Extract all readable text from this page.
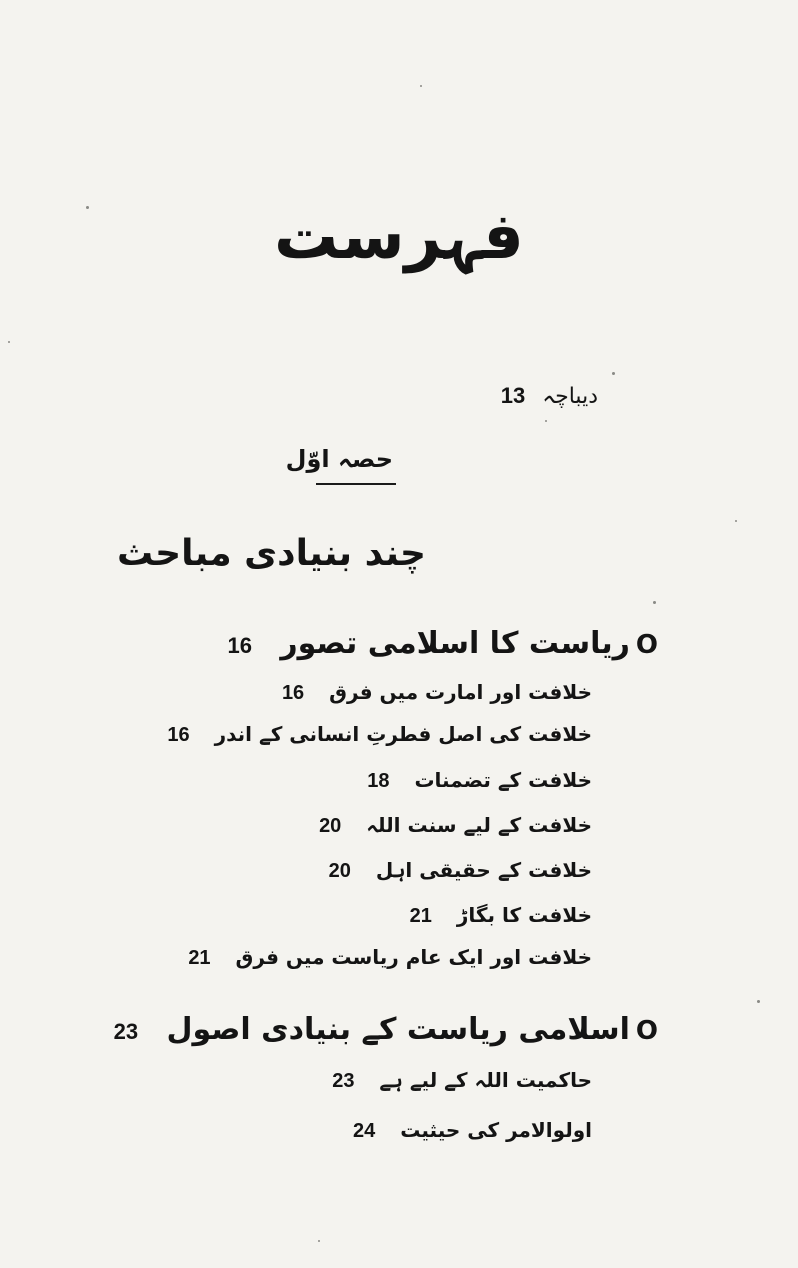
فہرست
دیباچہ 13
حصہ اوّل
چند بنیادی مباحث
Oریاست کا اسلامی تصور 16
خلافت اور امارت میں فرق 16
خلافت کی اصل فطرتِ انسانی کے اندر 16
خلافت کے تضمنات 18
خلافت کے لیے سنت اللہ 20
خلافت کے حقیقی اہل 20
خلافت کا بگاڑ 21
خلافت اور ایک عام ریاست میں فرق 21
Oاسلامی ریاست کے بنیادی اصول 23
حاکمیت اللہ کے لیے ہے 23
اولوالامر کی حیثیت 24
